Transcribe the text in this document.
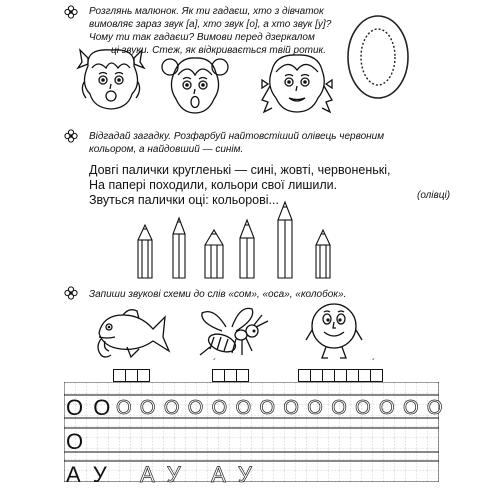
Розглянь малюнок. Як ти гадаєш, хто з дівчаток

вимовляє зараз звук [а], хто звук [о], а хто звук [у]?

Чому ти так гадаєш? Вимови перед дзеркалом

ці звуки. Стеж, як відкривається твій ротик.

Відгадай загадку. Розфарбуй найтовстіший олівець червоним

кольором, а найдовший — синім.

Довгі палички кругленькі — сині, жовті, червоненькі,

На папері походили, кольори свої лишили.

Звуться палички оці: кольорові...	(олівці)

Запиши звукові схеми до слів «сом», «оса», «колобок».

´	´
О О О О О О О О О О О О О О О О
О
А У А У   А У
